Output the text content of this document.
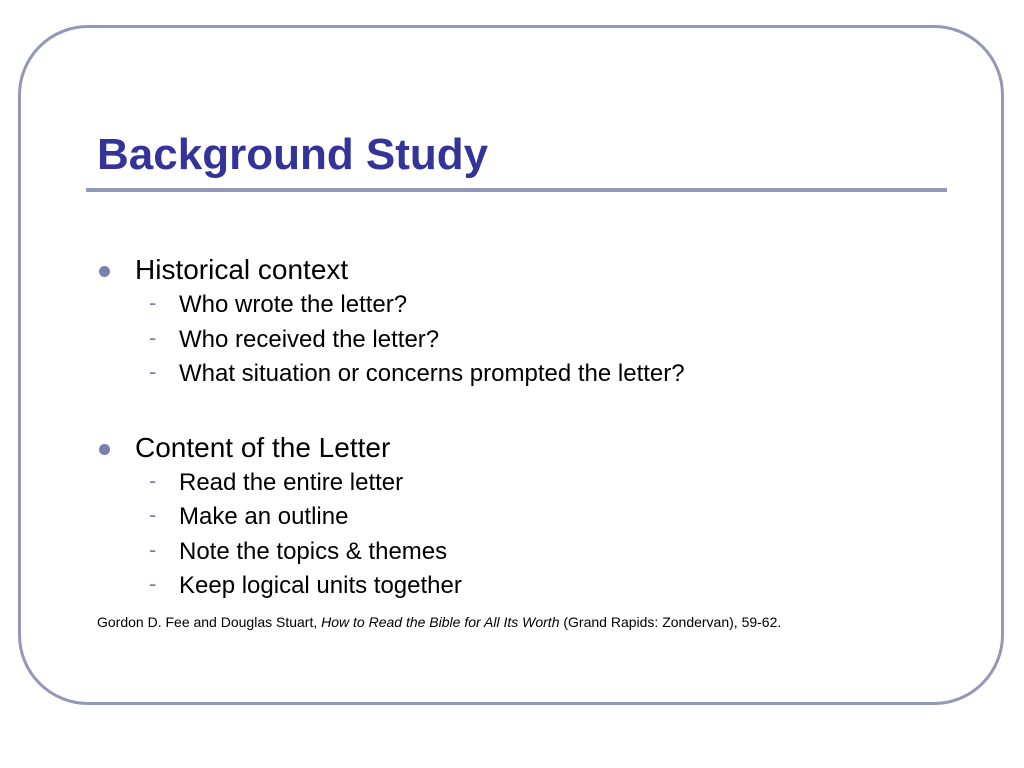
Background Study
Historical context
- Who wrote the letter?
- Who received the letter?
- What situation or concerns prompted the letter?
Content of the Letter
- Read the entire letter
- Make an outline
- Note the topics & themes
- Keep logical units together
Gordon D. Fee and Douglas Stuart, How to Read the Bible for All Its Worth (Grand Rapids: Zondervan), 59-62.
